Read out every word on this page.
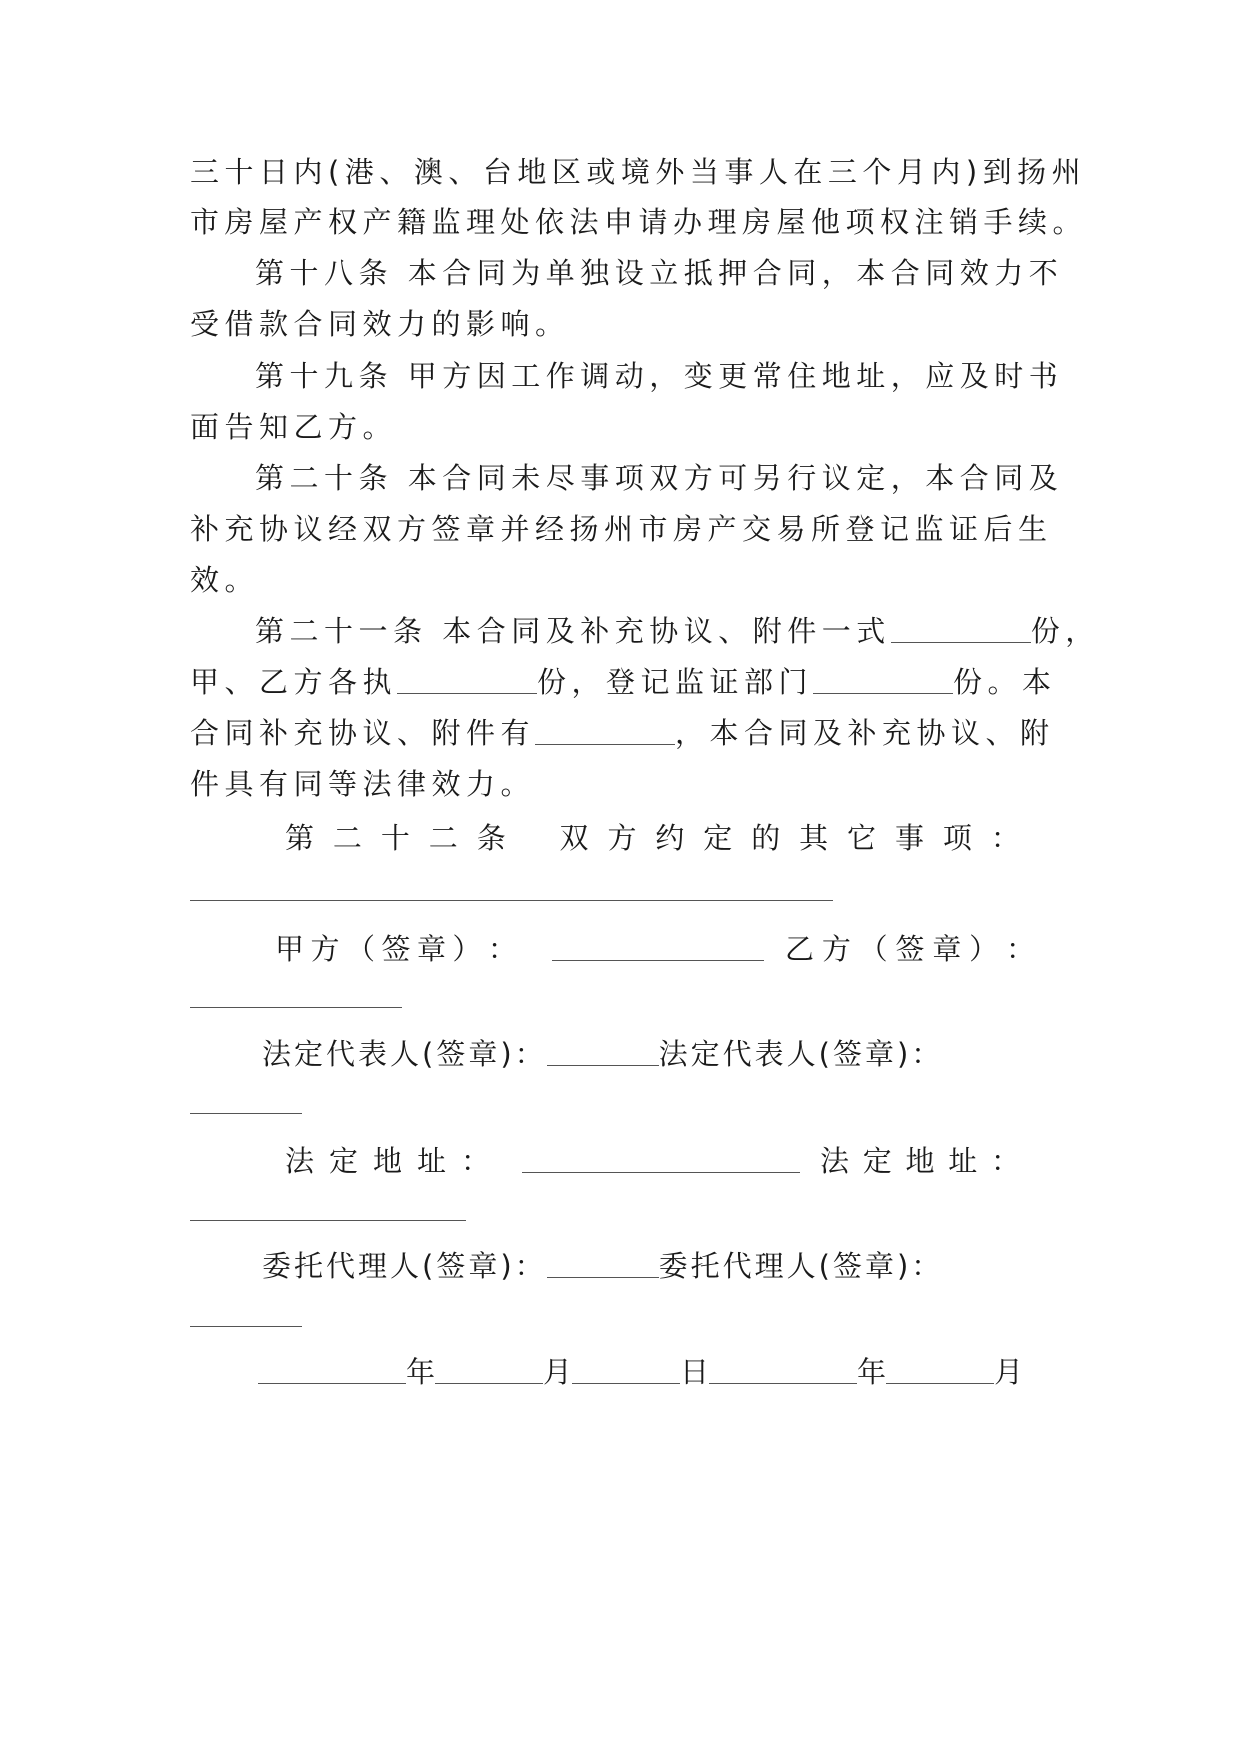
三十日内(港、澳、台地区或境外当事人在三个月内)到扬州
市房屋产权产籍监理处依法申请办理房屋他项权注销手续。
第十八条 本合同为单独设立抵押合同，本合同效力不
受借款合同效力的影响。
第十九条 甲方因工作调动，变更常住地址，应及时书
面告知乙方。
第二十条 本合同未尽事项双方可另行议定，本合同及
补充协议经双方签章并经扬州市房产交易所登记监证后生
效。
第二十一条 本合同及补充协议、附件一式	份，
甲、乙方各执	份，登记监证部门	份。本
合同补充协议、附件有	，本合同及补充协议、附
件具有同等法律效力。
第 二 十 二 条 双 方 约 定 的 其 它 事 项 ：
甲 方 （ 签 章 ） ：	乙 方 （ 签 章 ） ：
法定代表人(签章)：	法定代表人(签章)：
法 定 地 址 ：	法 定 地 址 ：
委托代理人(签章)：	委托代理人(签章)：
年	月	日	年	月
